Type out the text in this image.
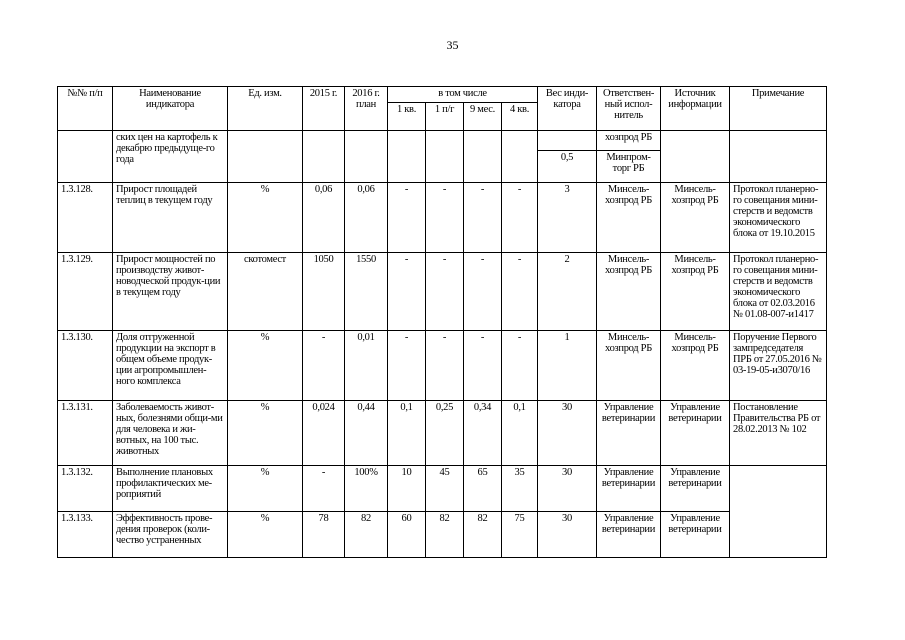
35
№№ п/п	Наименование индикатора	Ед. изм.	2015 г.	2016 г. план	в том числе				Вес инди-катора	Ответствен-ный испол-нитель	Источник информации	Примечание
					1 кв.	1 п/г	9 мес.	4 кв.				
	ских цен на картофель к декабрю предыдуще-го года									хозпрод РБ		
									0,5	Минпром-торг РБ		
1.3.128.	Прирост площадей теплиц в текущем году	%	0,06	0,06	-	-	-	-	3	Минсель-хозпрод РБ	Минсель-хозпрод РБ	Протокол планерно-го совещания мини-стерств и ведомств экономического блока от 19.10.2015
1.3.129.	Прирост мощностей по производству живот-новодческой продук-ции в текущем году	скотомест	1050	1550	-	-	-	-	2	Минсель-хозпрод РБ	Минсель-хозпрод РБ	Протокол планерно-го совещания мини-стерств и ведомств экономического блока от 02.03.2016 № 01.08-007-и1417
1.3.130.	Доля отгруженной продукции на экспорт в общем объеме продук-ции агропромышлен-ного комплекса	%	-	0,01	-	-	-	-	1	Минсель-хозпрод РБ	Минсель-хозпрод РБ	Поручение Первого зампредседателя ПРБ от 27.05.2016 № 03-19-05-и3070/16
1.3.131.	Заболеваемость живот-ных, болезнями общи-ми для человека и жи-вотных, на 100 тыс. животных	%	0,024	0,44	0,1	0,25	0,34	0,1	30	Управление ветеринарии	Управление ветеринарии	Постановление Правительства РБ от 28.02.2013 № 102
1.3.132.	Выполнение плановых профилактических ме-роприятий	%	-	100%	10	45	65	35	30	Управление ветеринарии	Управление ветеринарии	
1.3.133.	Эффективность прове-дения проверок (коли-чество устраненных	%	78	82	60	82	82	75	30	Управление ветеринарии	Управление ветеринарии	
